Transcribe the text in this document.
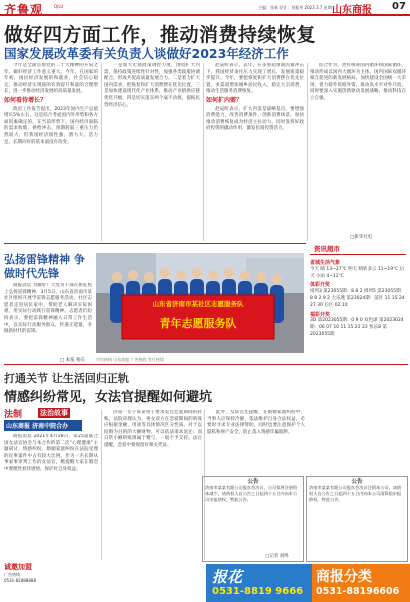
齐鲁观	QILU	主编：张新 设计：刘振华 2023.3.7 星期二
山东商报 07
做好四方面工作，推动消费持续恢复
国家发展改革委有关负责人谈做好2023年经济工作

今年是全面贯彻党的二十大精神的开局之年。做好经济工作意义重大。今年，在国家的年初，国民经济发展的和就业，社会信心稳定，推动经济实现质的有效提升和量的合理增长，进一步推动经济发展的高质量发展。

如何看待增长？

政府工作报告提出，2023年国内生产总值增长5%左右。这是综合考虑国内外形势和各方面因素确定的。在当前形势下，国内经济面临的需求收缩、供给冲击、预期转弱三重压力仍然较大，但我国经济韧性强、潜力大、活力足，长期向好的基本面没有改变。

一是加大宏观政策调控力度，围绕扩大内需，保持政策连续性针对性，加强各类政策协调配合，形成共促高质量发展合力。二是着力扩大国内需求，把恢复和扩大消费摆在优先位置。三是加快建设现代化产业体系，推动产业链供应链优化升级。四是切实落实两个毫不动摇，提振民营经济信心。

赵辰昕表示，去年，在多重超预期因素冲击下，我国经济顶住压力实现了增长，发展质量稳步提升。今年，要把恢复和扩大消费摆在优先位置，多渠道增加城乡居民收入，稳定大宗消费，推动生活服务消费恢复。

如何扩内需？

赵辰昕表示，扩大内需是战略基点，要增强消费能力，改善消费条件，创新消费场景，加快推动消费恢复成为经济主拉动力。同时发挥好政府投资的撬动作用，激发民间投资活力。

综合作为，更好统筹国内循环和国际循环，推动形成以国内大循环为主体、国内国际双循环相互促进的新发展格局。加快建设全国统一大市场，着力稳外贸稳外资，推动高水平对外开放。同时要深入实施创新驱动发展战略，推动科技自立自强。

□新华社电
弘扬雷锋精神 争做时代先锋

商报消息 为做好广大党员干部在新征程上弘扬雷锋精神，3月5日，山东省济南市某社区组织开展学雷锋志愿服务活动，社区志愿者走进居民家中，帮助老人解决实际困难，用实际行动践行雷锋精神。志愿者们纷纷表示，要把雷锋精神融入日常工作生活中，以实际行动服务群众，传递正能量，争做新时代的雷锋。

□ 本报 杨东
山东省济南市某社区志愿服务队
青年志愿服务队
资讯超市
省城生活气象
今天 晴 13~27℃ 明天 晴转多云 11~19℃ 后天 小雨 4~12℃
体彩开奖
排列3 第23055期：8 8 2 排列5 第23055期：8 8 2 9 2 大乐透 第23024期：前区 11 15 24 27 30 后区 02 10
福彩开奖
3D 第2023055期：0 9 0 双色球 第2023024期：06 07 10 11 15 21 23 快乐8 第2023055期
市民热线 山东商报 广告热线 发行热线
打通关节 让生活回归正轨
情感纠纷常见，女法官提醒如何避坑
法制	法治故事
山东商报 济南中院合办

商报消息 2021年4月28日，第25届联合国女法官协会与本合作的第二次“心理健康”主题研讨，情感纠纷、婚姻家庭纠纷在法院受理的民事案件中占有较大比例。作为一名长期从事家事审判工作的女法官，她提醒大家在婚恋中要理性看待感情，保护好自身权益。

济南一女子诉某男子要求返还恋爱期间的转账。法院审理认为，男女双方在恋爱期间的转账应根据金额、用途等具体情况区分性质。对于以结婚为目的的大额财物，可以依法请求返还；而日常小额转账则属于赠与，一般不予支持。法官提醒，恋爱中要保留好相关凭证。

此外，女法官还提醒，在婚姻家庭纠纷中，当事人应保持冷静，依法维护自身合法权益，必要时寻求专业法律帮助。同时也要注意保护个人隐私和财产安全，防止落入情感诈骗陷阱。

□记者 刘鸣
公告
济南市某某有限公司股东会决议，公司拟将注册资本减少，请债权人自公告之日起四十五日内向本公司申报债权，特此公告。
公告
济南市某某有限公司股东会决议注销本公司，请债权人自公告之日起四十五日内向本公司清算组申报债权，特此公告。
诚邀加盟
广告热线
0531-82888888	报花
0531-8819 9666
商报分类
0531-88196606
